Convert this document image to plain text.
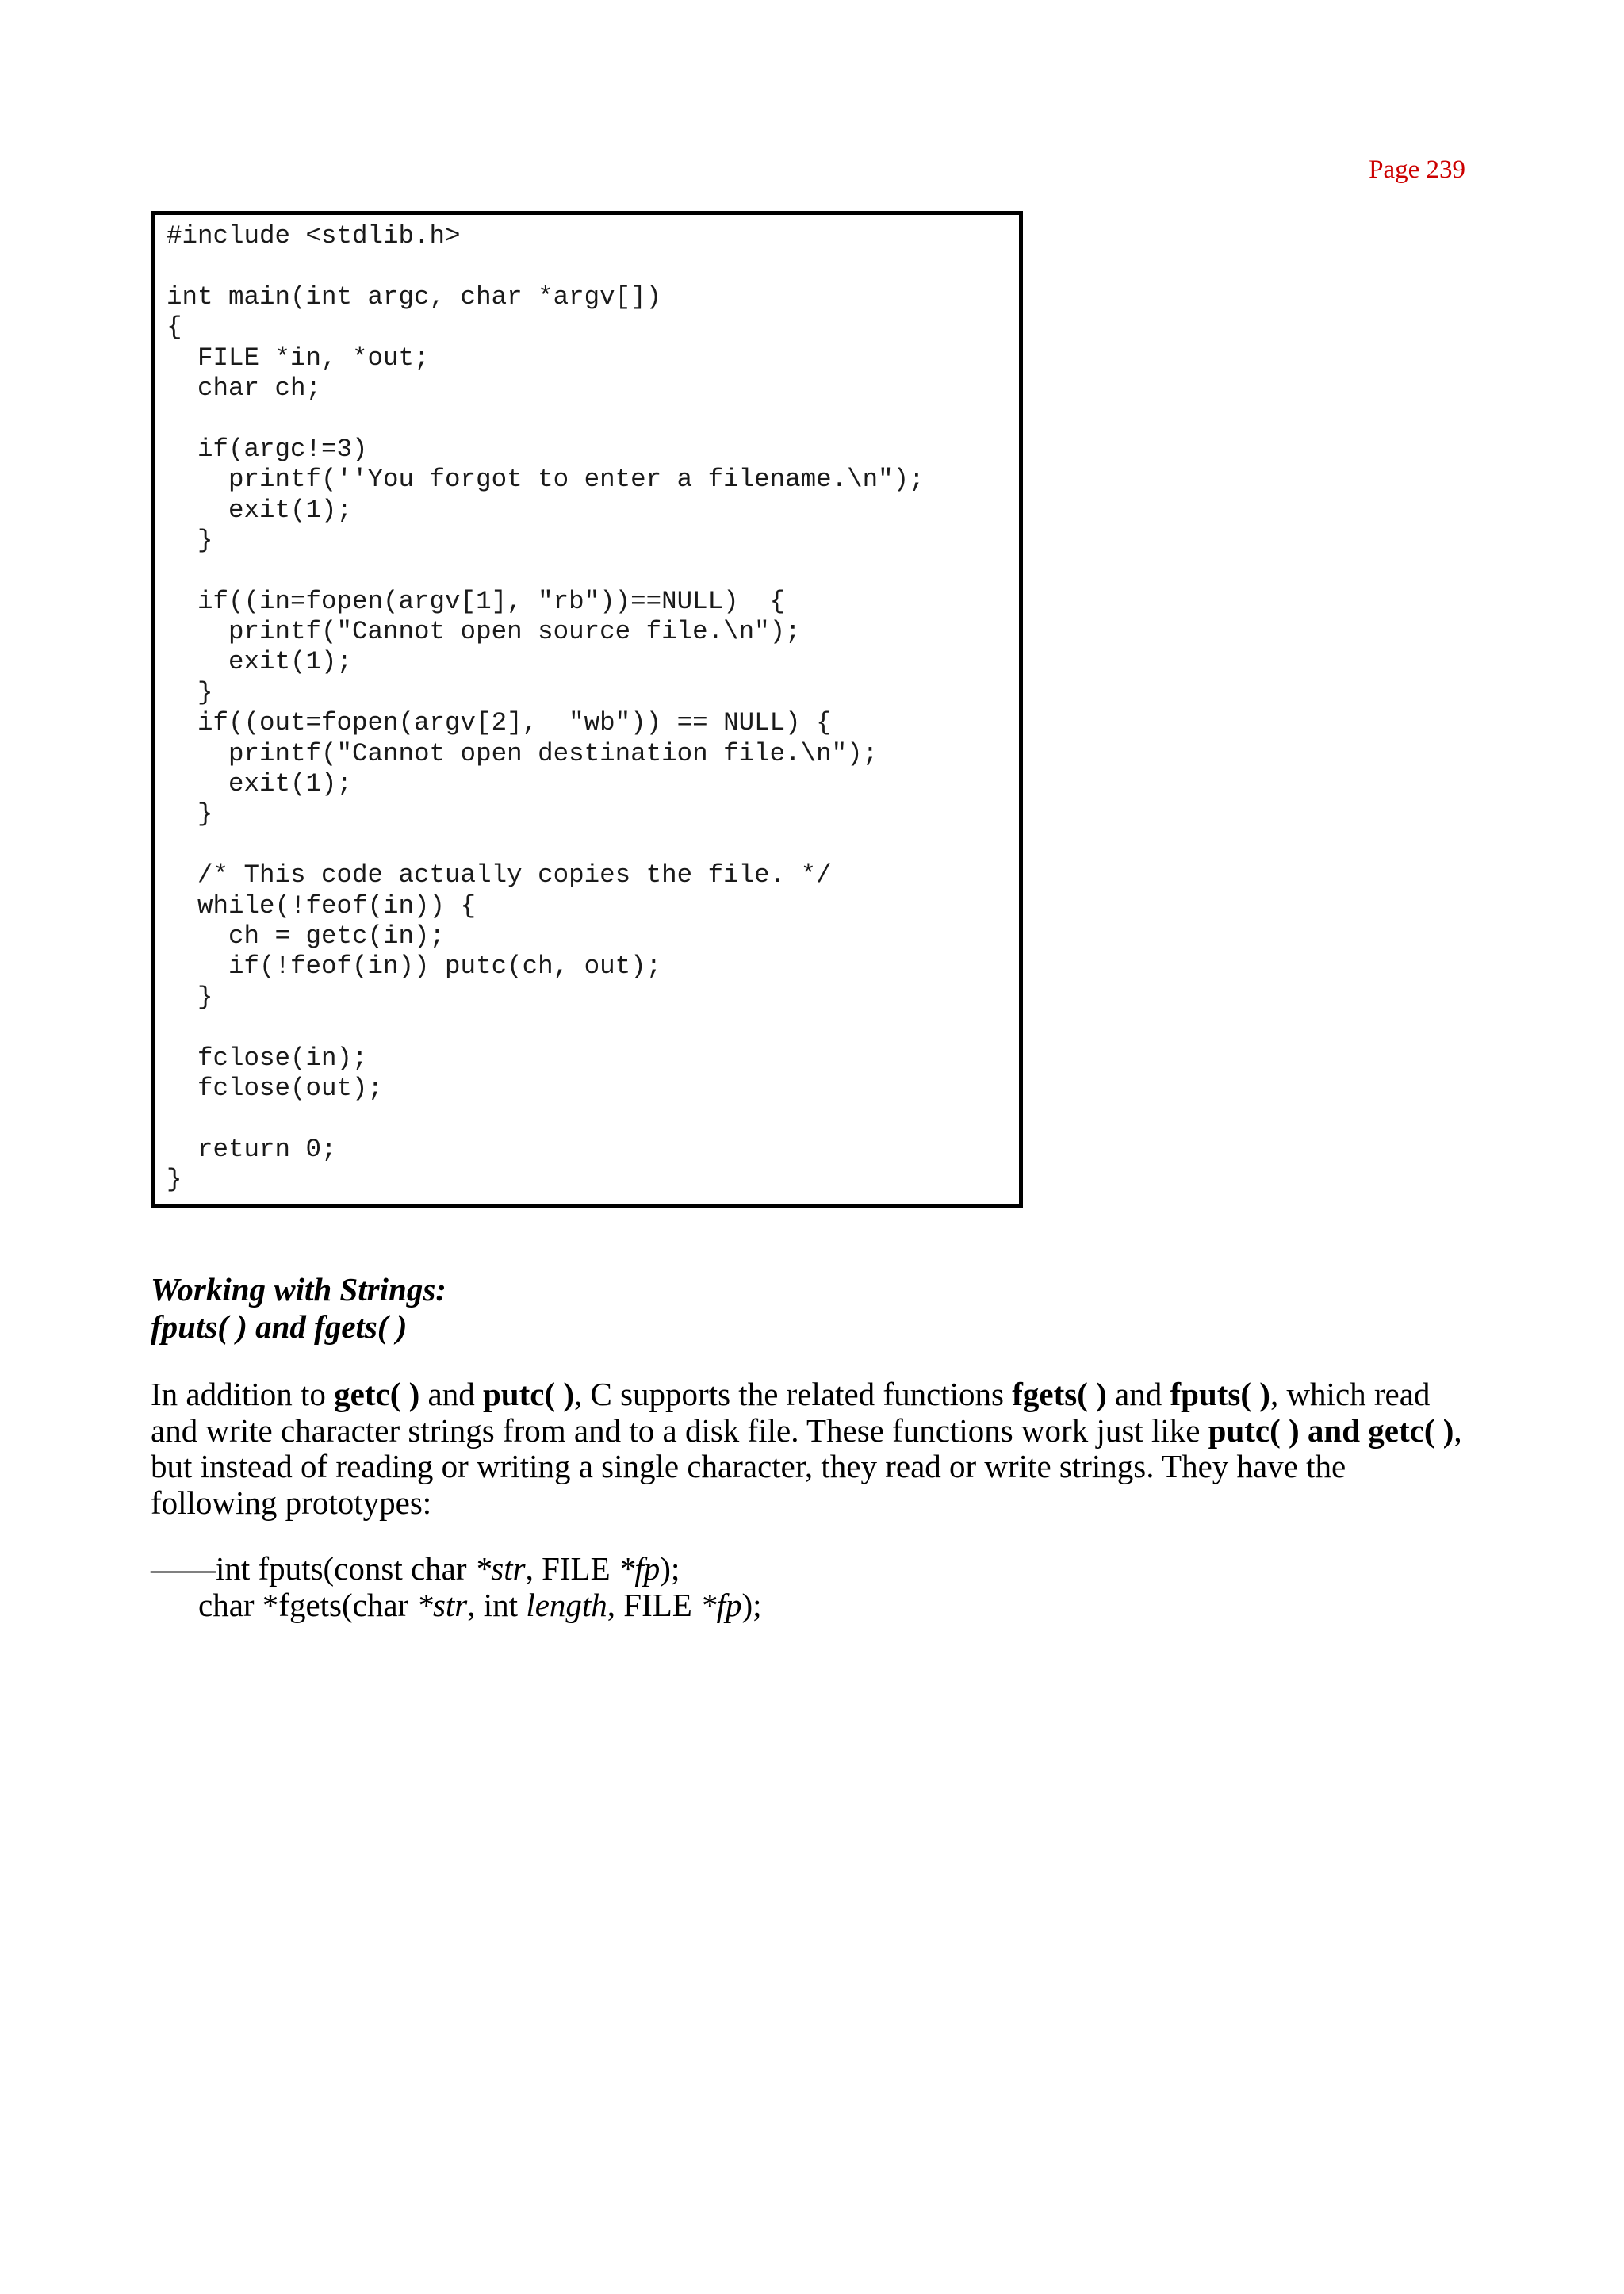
Page 239
#include <stdlib.h>
int main(int argc, char *argv[])
{
FILE *in, *out;
char ch;
if(argc!=3)
printf(''You forgot to enter a filename.\n");
exit(1);
}
if((in=fopen(argv[1], "rb"))==NULL)  {
printf("Cannot open source file.\n");
exit(1);
}
if((out=fopen(argv[2],  "wb")) == NULL) {
printf("Cannot open destination file.\n");
exit(1);
}
/* This code actually copies the file. */
while(!feof(in)) {
ch = getc(in);
if(!feof(in)) putc(ch, out);
}
fclose(in);
fclose(out);
return 0;
}
Working with Strings:
fputs( ) and fgets( )
In addition to getc( ) and putc( ), C supports the related functions fgets( ) and fputs( ), which read
and write character strings from and to a disk file. These functions work just like putc( ) and getc( ),
but instead of reading or writing a single character, they read or write strings. They have the
following prototypes:
——int fputs(const char *str, FILE *fp);
char *fgets(char *str, int length, FILE *fp);
